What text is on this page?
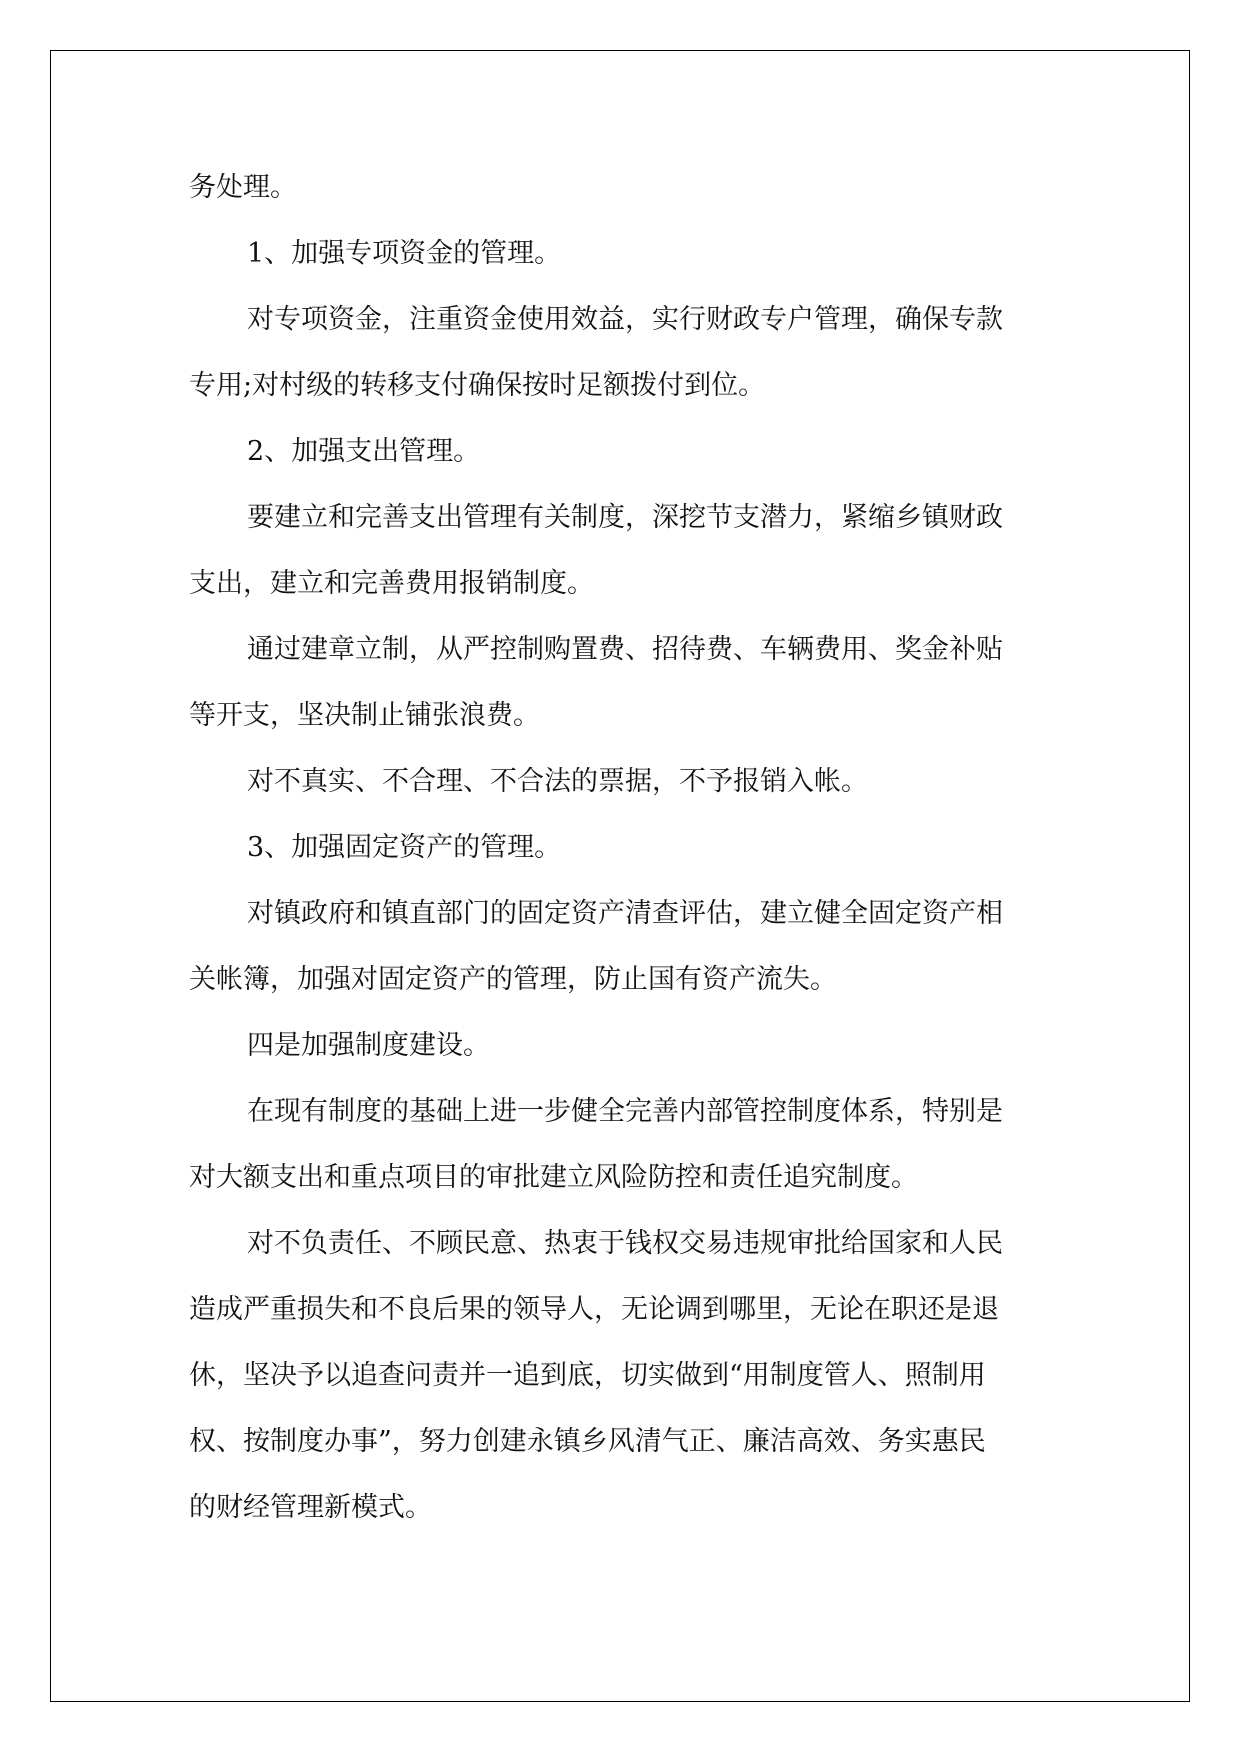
务处理。

1、加强专项资金的管理。

对专项资金，注重资金使用效益，实行财政专户管理，确保专款
专用;对村级的转移支付确保按时足额拨付到位。

2、加强支出管理。

要建立和完善支出管理有关制度，深挖节支潜力，紧缩乡镇财政
支出，建立和完善费用报销制度。

通过建章立制，从严控制购置费、招待费、车辆费用、奖金补贴
等开支，坚决制止铺张浪费。

对不真实、不合理、不合法的票据，不予报销入帐。

3、加强固定资产的管理。

对镇政府和镇直部门的固定资产清查评估，建立健全固定资产相
关帐簿，加强对固定资产的管理，防止国有资产流失。

四是加强制度建设。

在现有制度的基础上进一步健全完善内部管控制度体系，特别是
对大额支出和重点项目的审批建立风险防控和责任追究制度。

对不负责任、不顾民意、热衷于钱权交易违规审批给国家和人民
造成严重损失和不良后果的领导人，无论调到哪里，无论在职还是退
休，坚决予以追查问责并一追到底，切实做到“用制度管人、照制用
权、按制度办事”，努力创建永镇乡风清气正、廉洁高效、务实惠民
的财经管理新模式。
